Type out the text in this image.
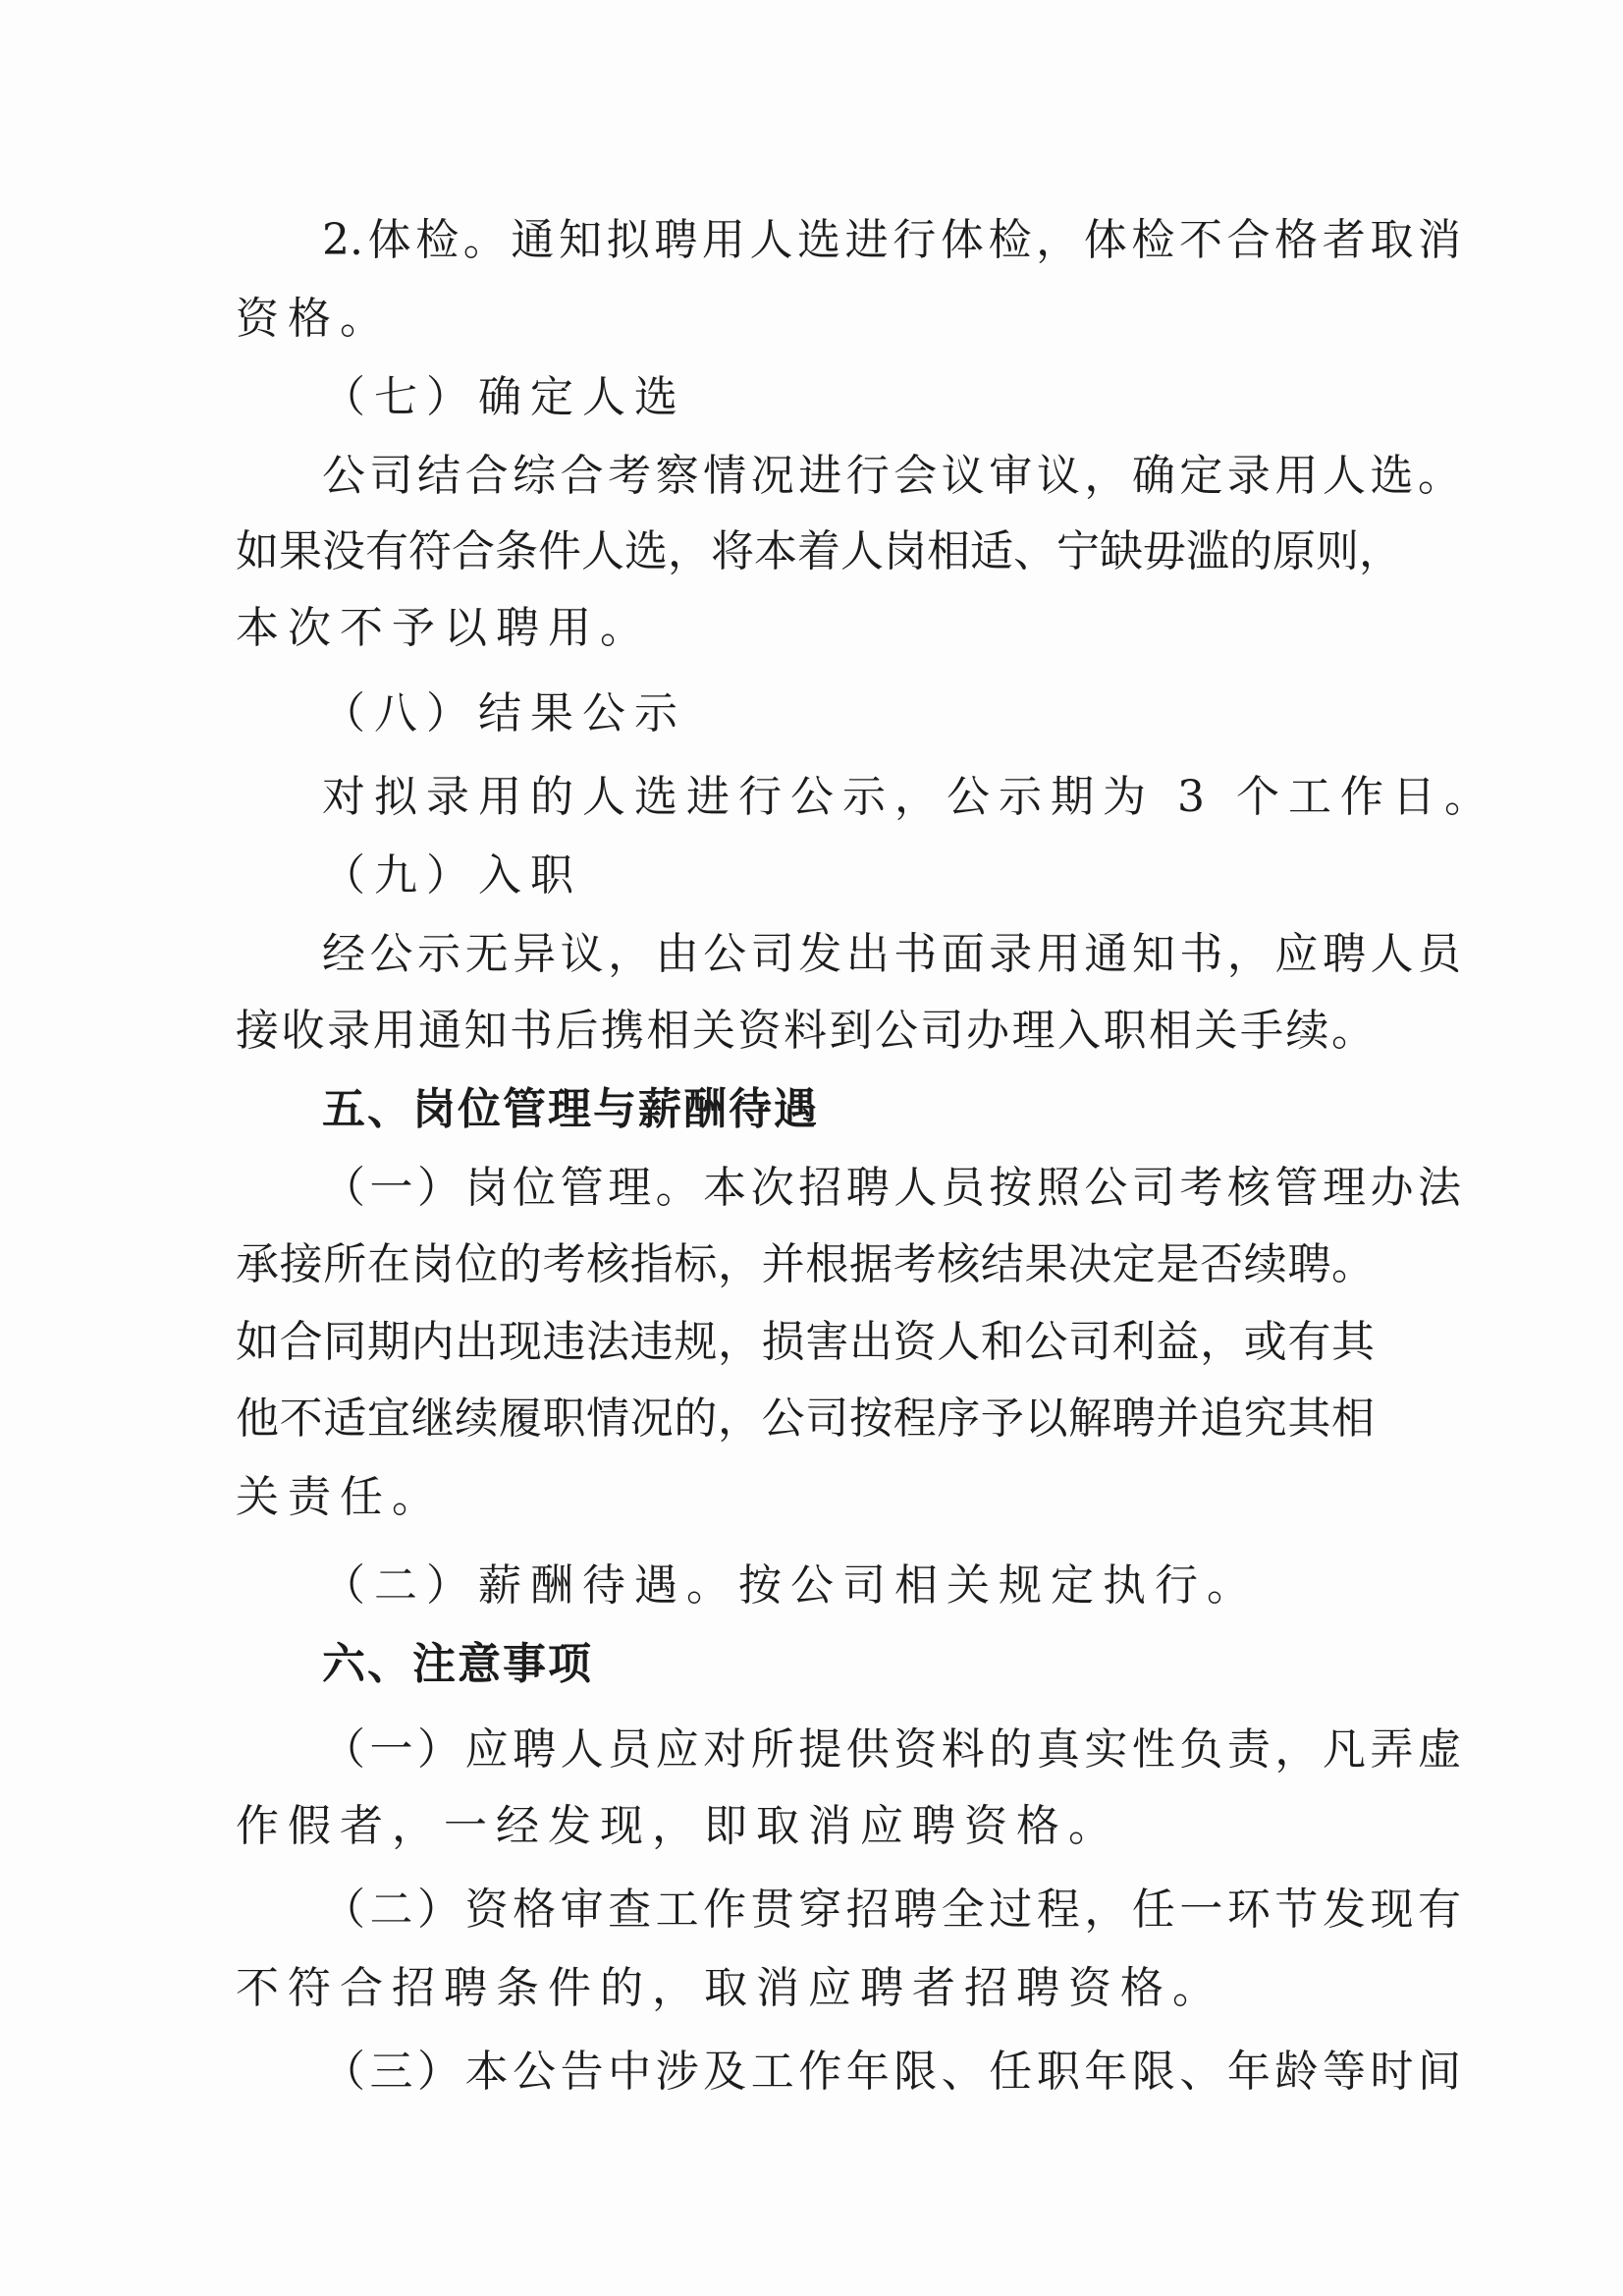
2.体检。通知拟聘用人选进行体检，体检不合格者取消
资格。
（七）确定人选
公司结合综合考察情况进行会议审议，确定录用人选。
如果没有符合条件人选，将本着人岗相适、宁缺毋滥的原则，
本次不予以聘用。
（八）结果公示
对拟录用的人选进行公示，公示期为 3 个工作日。
（九）入职
经公示无异议，由公司发出书面录用通知书，应聘人员
接收录用通知书后携相关资料到公司办理入职相关手续。
五、岗位管理与薪酬待遇
（一）岗位管理。本次招聘人员按照公司考核管理办法
承接所在岗位的考核指标，并根据考核结果决定是否续聘。
如合同期内出现违法违规，损害出资人和公司利益，或有其
他不适宜继续履职情况的，公司按程序予以解聘并追究其相
关责任。
（二）薪酬待遇。按公司相关规定执行。
六、注意事项
（一）应聘人员应对所提供资料的真实性负责，凡弄虚
作假者，一经发现，即取消应聘资格。
（二）资格审查工作贯穿招聘全过程，任一环节发现有
不符合招聘条件的，取消应聘者招聘资格。
（三）本公告中涉及工作年限、任职年限、年龄等时间
